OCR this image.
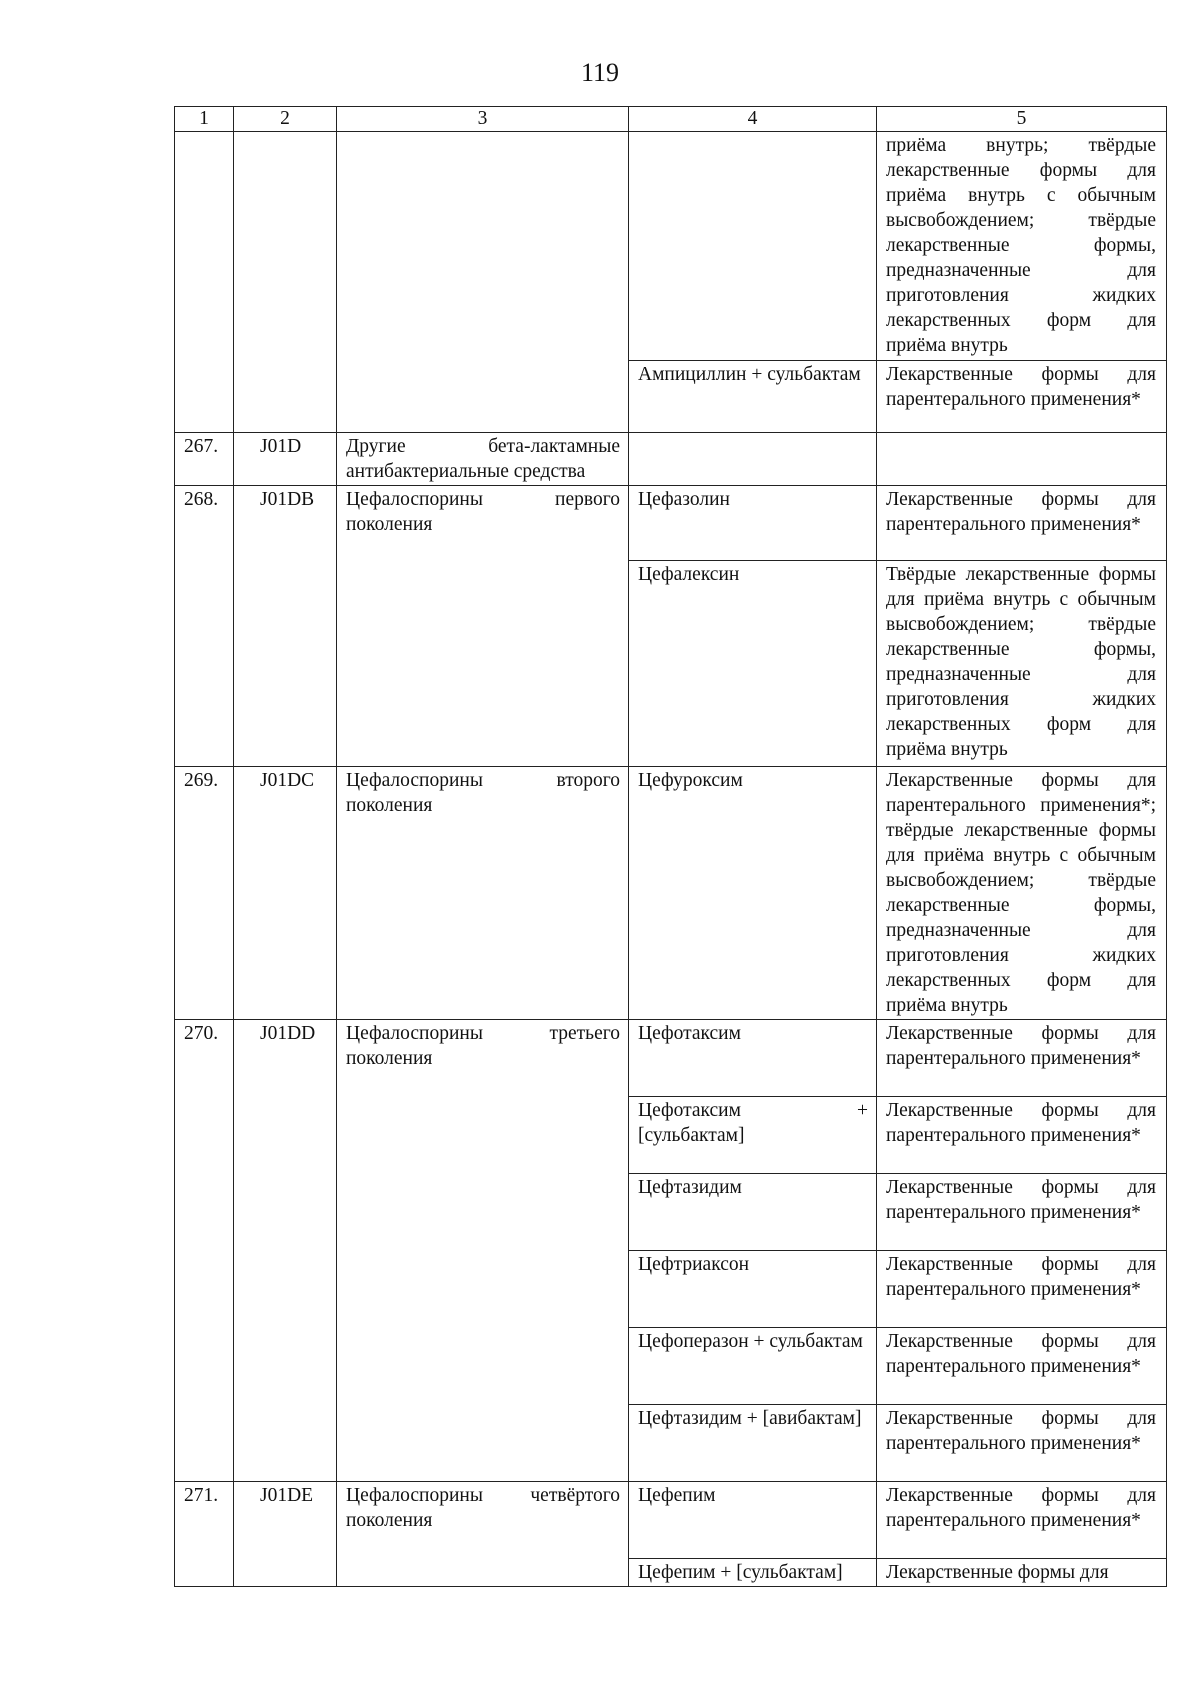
119
1	2	3	4	5
				приёма внутрь; твёрдые лекарственные формы для приёма внутрь с обычным высвобождением; твёрдые лекарственные формы, предназначенные для приготовления жидких лекарственных форм для приёма внутрь
			Ампициллин + сульбактам	Лекарственные формы для парентерального применения*
267.	J01D	Другие бета-лактамные антибактериальные средства		
268.	J01DB	Цефалоспорины первого поколения	Цефазолин	Лекарственные формы для парентерального применения*
			Цефалексин	Твёрдые лекарственные формы для приёма внутрь с обычным высвобождением; твёрдые лекарственные формы, предназначенные для приготовления жидких лекарственных форм для приёма внутрь
269.	J01DC	Цефалоспорины второго поколения	Цефуроксим	Лекарственные формы для парентерального применения*; твёрдые лекарственные формы для приёма внутрь с обычным высвобождением; твёрдые лекарственные формы, предназначенные для приготовления жидких лекарственных форм для приёма внутрь
270.	J01DD	Цефалоспорины третьего поколения	Цефотаксим	Лекарственные формы для парентерального применения*
			Цефотаксим + [сульбактам]	Лекарственные формы для парентерального применения*
			Цефтазидим	Лекарственные формы для парентерального применения*
			Цефтриаксон	Лекарственные формы для парентерального применения*
			Цефоперазон + сульбактам	Лекарственные формы для парентерального применения*
			Цефтазидим + [авибактам]	Лекарственные формы для парентерального применения*
271.	J01DE	Цефалоспорины четвёртого поколения	Цефепим	Лекарственные формы для парентерального применения*
			Цефепим + [сульбактам]	Лекарственные формы для
